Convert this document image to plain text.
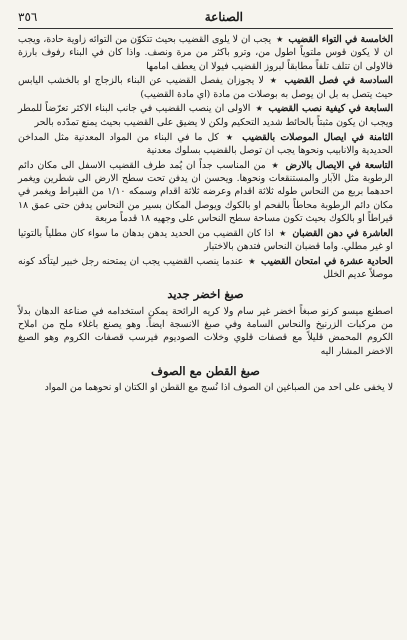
٣٥٦	الصناعة

الخامسة في التواء القضيب ★ يجب ان لا يلوى القضيب بحيث تتكوّن من التوائه زاوية حادة، ويجب ان لا يكون قوس ملتوياً اطول من، وترو باكثر من مرة ونصف. واذا كان في البناء رفوف بارزة فالاولى ان تتلف تلفاً مطابقاً لبروز القضيب فيولا ان يعطف امامها

السادسة في فصل القضيب ★ لا يجوزان يفصل القضيب عن البناء بالزجاج او بالخشب اليابس حيث يتصل به بل ان يوصل به بوصلات من مادة (اي مادة القضيب)

السابعة في كيفية نصب القضيب ★ الاولى ان ينصب القضيب في جانب البناء الاكثر تعرّضاً للمطر ويجب ان يكون مثبتاً بالحائط شديد التحكيم ولكن لا يضيق على القضيب بحيث يمنع تمدّده بالحر

الثامنة في ايصال الموصلات بالقضيب ★ كل ما في البناء من المواد المعدنية مثل المداخن الحديدية والانابيب ونحوها يجب ان توصل بالقضيب بسلوك معدنية

التاسعة في الايصال بالارض ★ من المناسب جداً ان يُمد طرف القضيب الاسفل الى مكان دائم الرطوبة مثل الآبار والمستنقعات ونحوها. ويحسن ان يدفن تحت سطح الارض الى شطرين ويغمر احدهما بربع من النحاس طوله ثلاثة اقدام وعرضه ثلاثة اقدام وسمكه ١/١٠ من القيراط ويغمر في مكان دائم الرطوبة محاطاً بالفحم او بالكوك ويوصل المكان بسير من النحاس يدفن حتى عمق ١٨ قيراطاً او بالكوك بحيث تكون مساحة سطح النحاس على وجهيه ١٨ قدماً مربعة

العاشرة في دهن القضبان ★ اذا كان القضيب من الحديد يدهن بدهان ما سواء كان مطلياً بالتوتيا او غير مطلي. واما قضبان النحاس فتدهن بالاختبار

الحادية عشرة في امتحان القضيب ★ عندما ينصب القضيب يجب ان يمتحنه رجل خبير ليتأكد كونه موصلاً عديم الخلل

صبغ اخضر جديد

اصطنع ميسو كرنو صبغاً اخضر غير سام ولا كريه الرائحة يمكن استخدامه في صناعة الدهان بدلاً من مركبات الزرنيخ والنحاس السامة وفي صبغ الانسجة ايضاً. وهو يصنع باغلاء ملح من املاح الكروم المحمض قليلاً مع قصفات قلوي وخلات الصوديوم فيرسب قصفات الكروم وهو الصبغ الاخضر المشار اليه

صبغ القطن مع الصوف

لا يخفى على احد من الصباغين ان الصوف اذا نُسج مع القطن او الكتان او نحوهما من المواد
